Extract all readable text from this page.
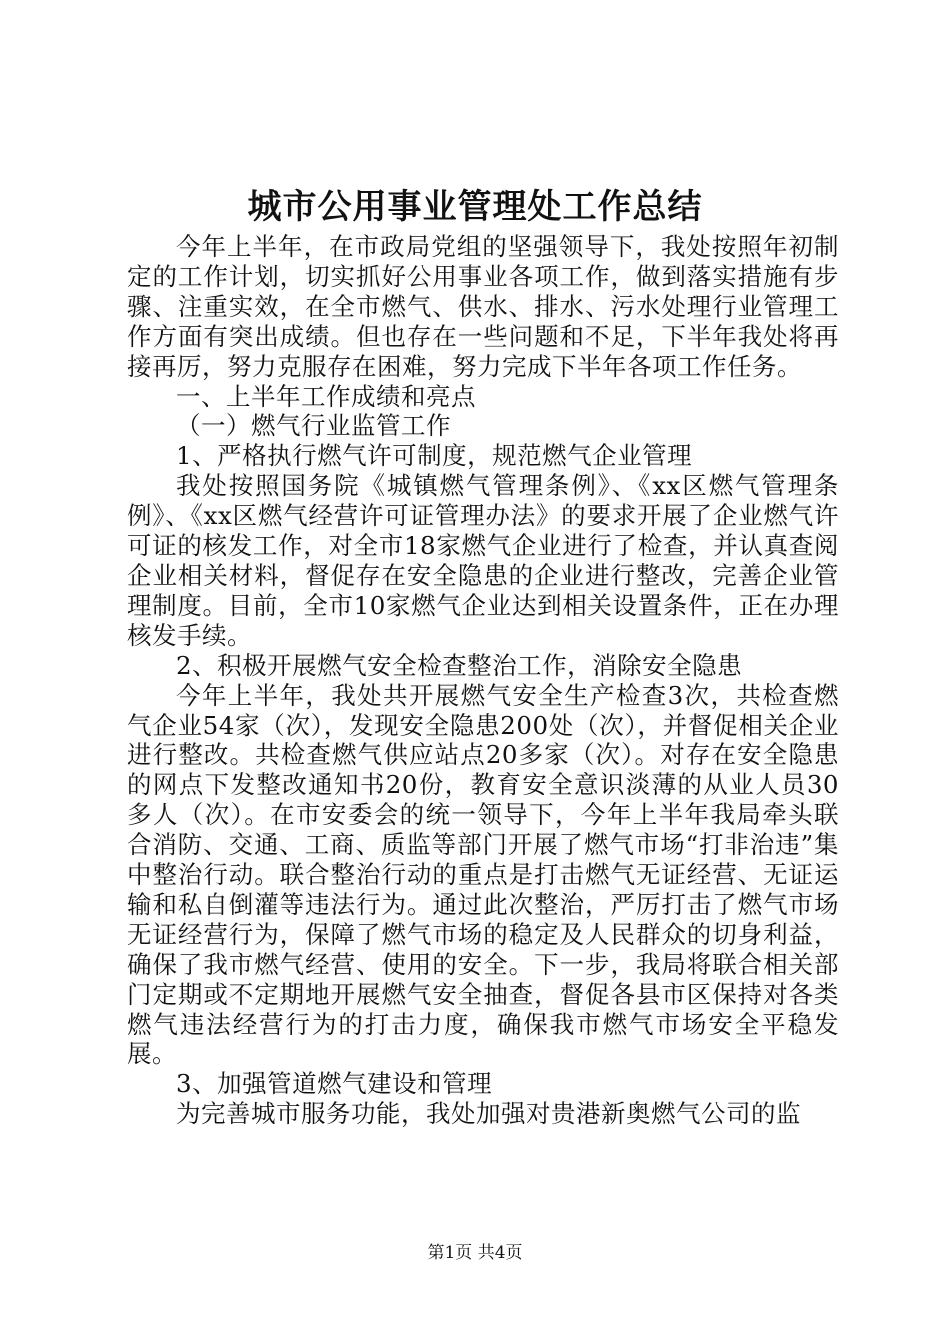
城市公用事业管理处工作总结

今年上半年，在市政局党组的坚强领导下，我处按照年初制定的工作计划，切实抓好公用事业各项工作，做到落实措施有步骤、注重实效，在全市燃气、供水、排水、污水处理行业管理工作方面有突出成绩。但也存在一些问题和不足，下半年我处将再接再厉，努力克服存在困难，努力完成下半年各项工作任务。

一、上半年工作成绩和亮点

（一）燃气行业监管工作

1、严格执行燃气许可制度，规范燃气企业管理

我处按照国务院《城镇燃气管理条例》、《xx区燃气管理条例》、《xx区燃气经营许可证管理办法》的要求开展了企业燃气许可证的核发工作，对全市18家燃气企业进行了检查，并认真查阅企业相关材料，督促存在安全隐患的企业进行整改，完善企业管理制度。目前，全市10家燃气企业达到相关设置条件，正在办理核发手续。

2、积极开展燃气安全检查整治工作，消除安全隐患

今年上半年，我处共开展燃气安全生产检查3次，共检查燃气企业54家（次），发现安全隐患200处（次），并督促相关企业进行整改。共检查燃气供应站点20多家（次）。对存在安全隐患的网点下发整改通知书20份，教育安全意识淡薄的从业人员30多人（次）。在市安委会的统一领导下，今年上半年我局牵头联合消防、交通、工商、质监等部门开展了燃气市场“打非治违”集中整治行动。联合整治行动的重点是打击燃气无证经营、无证运输和私自倒灌等违法行为。通过此次整治，严厉打击了燃气市场无证经营行为，保障了燃气市场的稳定及人民群众的切身利益，确保了我市燃气经营、使用的安全。下一步，我局将联合相关部门定期或不定期地开展燃气安全抽查，督促各县市区保持对各类燃气违法经营行为的打击力度，确保我市燃气市场安全平稳发展。

3、加强管道燃气建设和管理

为完善城市服务功能，我处加强对贵港新奥燃气公司的监

第1页 共4页
